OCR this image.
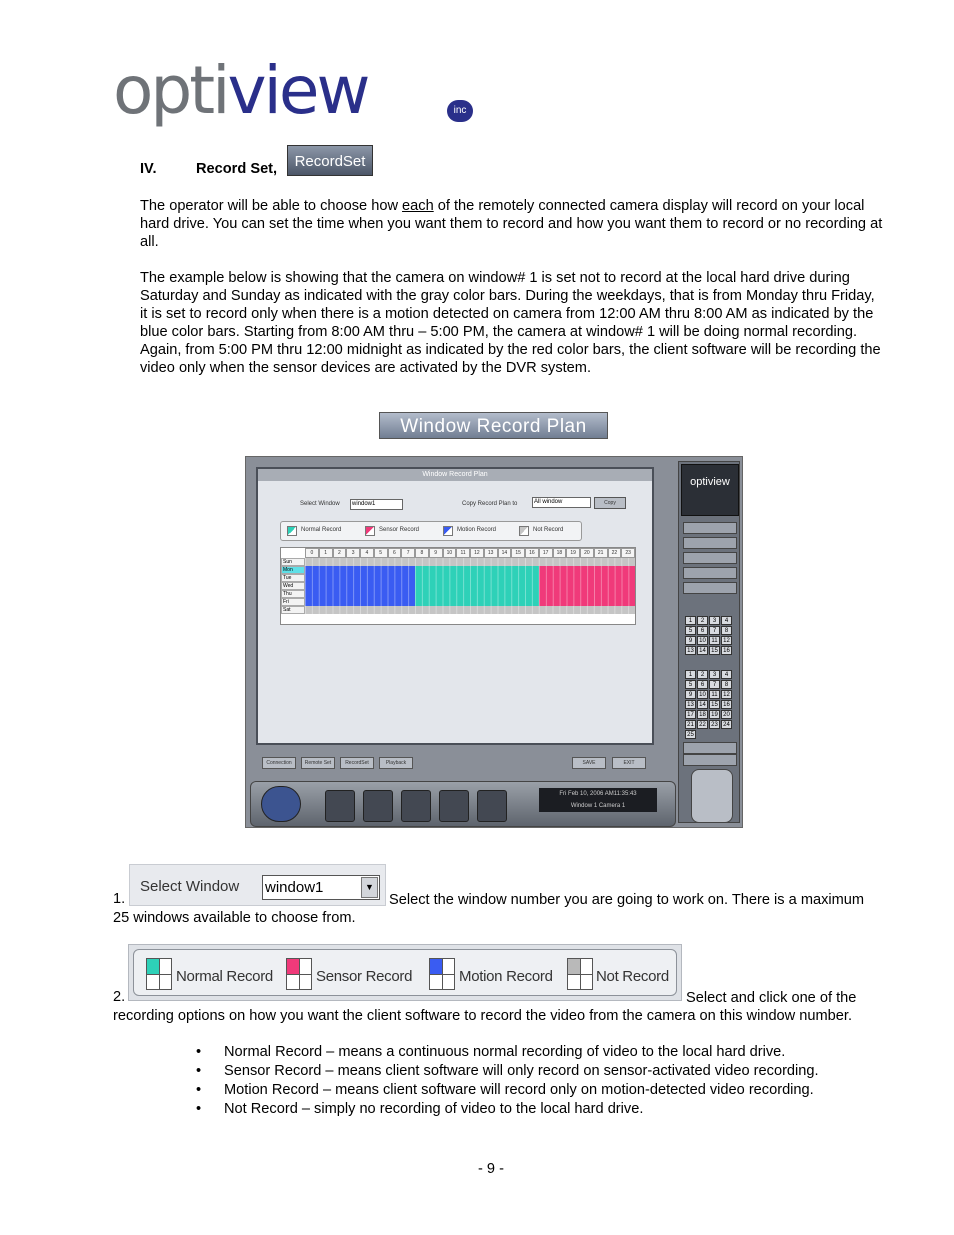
optiview	inc
IV.	Record Set,	RecordSet

The operator will be able to choose how each of the remotely connected camera display will record on your local hard drive. You can set the time when you want them to record and how you want them to record or no recording at all.

The example below is showing that the camera on window# 1 is set not to record at the local hard drive during Saturday and Sunday as indicated with the gray color bars. During the weekdays, that is from Monday thru Friday, it is set to record only when there is a motion detected on camera from 12:00 AM thru 8:00 AM as indicated by the blue color bars. Starting from 8:00 AM thru – 5:00 PM, the camera at window# 1 will be doing normal recording. Again, from 5:00 PM thru 12:00 midnight as indicated by the red color bars, the client software will be recording the video only when the sensor devices are activated by the DVR system.

Window Record Plan
Window Record Plan
Select Window	window1	Copy Record Plan to	All window	Copy
Normal Record	Sensor Record	Motion Record	Not Record
0	1	2	3	4	5	6	7	8	9	10	11	12	13	14	15	16	17	18	19	20	21	22	23
Sun
Mon
Tue
Wed
Thu
Fri
Sat
Connection	Remote Set	RecordSet	Playback	SAVE	EXIT
optiview
1	2	3	4
5	6	7	8
9	10 11 12
13 14 15 16
1	2	3	4
5	6	7	8
9	10 11 12
13 14 15 16
17 18 19 20
21 22 23 24
25
Fri Feb 10, 2006 AM11:35:43
Window 1 Camera 1
1.
Select Window window1	▼

Select the window number you are going to work on. There is a maximum 25 windows available to choose from.

2.
Normal Record	Sensor Record	Motion Record	Not Record

Select and click one of the recording options on how you want the client software to record the video from the camera on this window number.

• Normal Record – means a continuous normal recording of video to the local hard drive.
• Sensor Record – means client software will only record on sensor-activated video recording.
• Motion Record – means client software will record only on motion-detected video recording.
• Not Record – simply no recording of video to the local hard drive.
- 9 -
